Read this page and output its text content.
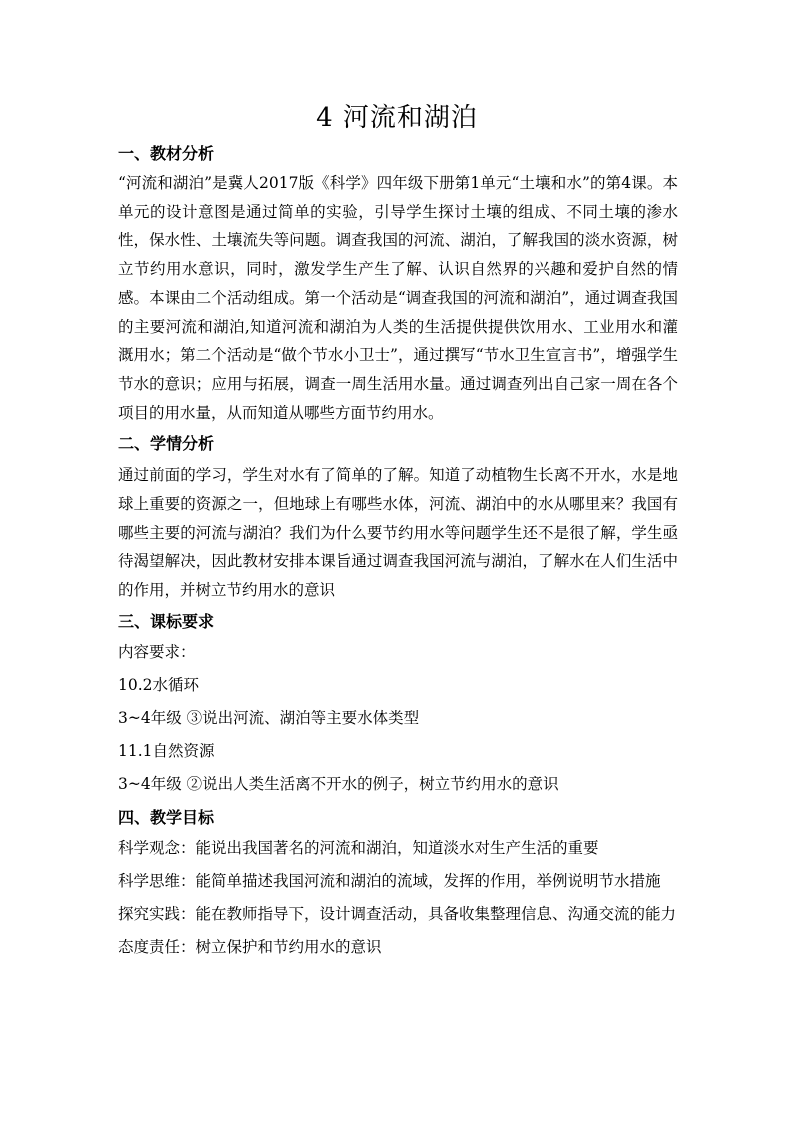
4 河流和湖泊

一、教材分析

“河流和湖泊”是冀人2017版《科学》四年级下册第1单元“土壤和水”的第4课。本单元的设计意图是通过简单的实验，引导学生探讨土壤的组成、不同土壤的渗水性，保水性、土壤流失等问题。调查我国的河流、湖泊，了解我国的淡水资源，树立节约用水意识，同时，激发学生产生了解、认识自然界的兴趣和爱护自然的情感。本课由二个活动组成。第一个活动是“调查我国的河流和湖泊”，通过调查我国的主要河流和湖泊,知道河流和湖泊为人类的生活提供提供饮用水、工业用水和灌溉用水；第二个活动是“做个节水小卫士”，通过撰写“节水卫生宣言书”，增强学生节水的意识；应用与拓展，调查一周生活用水量。通过调查列出自己家一周在各个项目的用水量，从而知道从哪些方面节约用水。

二、学情分析

通过前面的学习，学生对水有了简单的了解。知道了动植物生长离不开水，水是地球上重要的资源之一，但地球上有哪些水体，河流、湖泊中的水从哪里来？我国有哪些主要的河流与湖泊？我们为什么要节约用水等问题学生还不是很了解，学生亟待渴望解决，因此教材安排本课旨通过调查我国河流与湖泊，了解水在人们生活中的作用，并树立节约用水的意识

三、课标要求

内容要求：

10.2水循环

3~4年级 ③说出河流、湖泊等主要水体类型

11.1自然资源

3~4年级 ②说出人类生活离不开水的例子，树立节约用水的意识

四、教学目标

科学观念：能说出我国著名的河流和湖泊，知道淡水对生产生活的重要

科学思维：能简单描述我国河流和湖泊的流域，发挥的作用，举例说明节水措施

探究实践：能在教师指导下，设计调查活动，具备收集整理信息、沟通交流的能力

态度责任：树立保护和节约用水的意识
